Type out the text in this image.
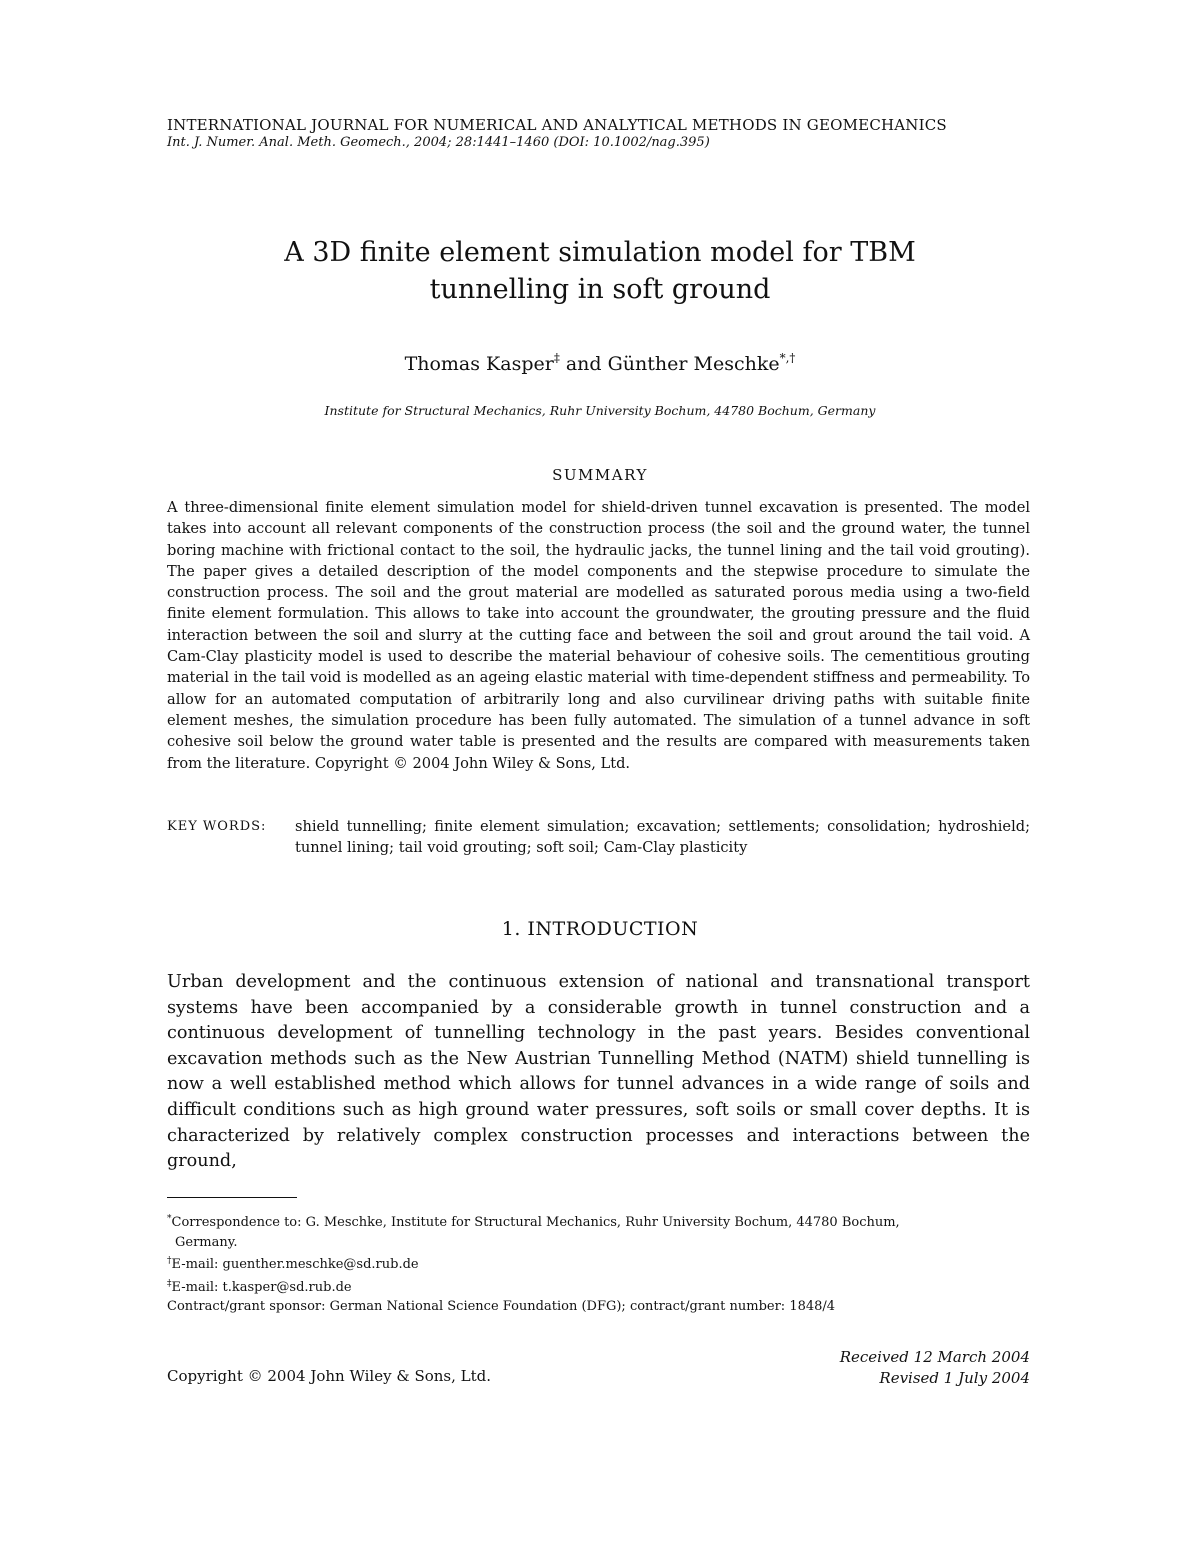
INTERNATIONAL JOURNAL FOR NUMERICAL AND ANALYTICAL METHODS IN GEOMECHANICS
Int. J. Numer. Anal. Meth. Geomech., 2004; 28:1441–1460 (DOI: 10.1002/nag.395)
A 3D finite element simulation model for TBM
tunnelling in soft ground
Thomas Kasper‡ and Günther Meschke*,†
Institute for Structural Mechanics, Ruhr University Bochum, 44780 Bochum, Germany
SUMMARY

A three-dimensional finite element simulation model for shield-driven tunnel excavation is presented. The model takes into account all relevant components of the construction process (the soil and the ground water, the tunnel boring machine with frictional contact to the soil, the hydraulic jacks, the tunnel lining and the tail void grouting). The paper gives a detailed description of the model components and the stepwise procedure to simulate the construction process. The soil and the grout material are modelled as saturated porous media using a two-field finite element formulation. This allows to take into account the groundwater, the grouting pressure and the fluid interaction between the soil and slurry at the cutting face and between the soil and grout around the tail void. A Cam-Clay plasticity model is used to describe the material behaviour of cohesive soils. The cementitious grouting material in the tail void is modelled as an ageing elastic material with time-dependent stiffness and permeability. To allow for an automated computation of arbitrarily long and also curvilinear driving paths with suitable finite element meshes, the simulation procedure has been fully automated. The simulation of a tunnel advance in soft cohesive soil below the ground water table is presented and the results are compared with measurements taken from the literature. Copyright © 2004 John Wiley & Sons, Ltd.

KEY WORDS:	shield tunnelling; finite element simulation; excavation; settlements; consolidation; hydroshield; tunnel lining; tail void grouting; soft soil; Cam-Clay plasticity
1. INTRODUCTION

Urban development and the continuous extension of national and transnational transport systems have been accompanied by a considerable growth in tunnel construction and a continuous development of tunnelling technology in the past years. Besides conventional excavation methods such as the New Austrian Tunnelling Method (NATM) shield tunnelling is now a well established method which allows for tunnel advances in a wide range of soils and difficult conditions such as high ground water pressures, soft soils or small cover depths. It is characterized by relatively complex construction processes and interactions between the ground,

*Correspondence to: G. Meschke, Institute for Structural Mechanics, Ruhr University Bochum, 44780 Bochum,
Germany.
†E-mail: guenther.meschke@sd.rub.de
‡E-mail: t.kasper@sd.rub.de
Contract/grant sponsor: German National Science Foundation (DFG); contract/grant number: 1848/4
Copyright © 2004 John Wiley & Sons, Ltd.
Received 12 March 2004
Revised 1 July 2004
